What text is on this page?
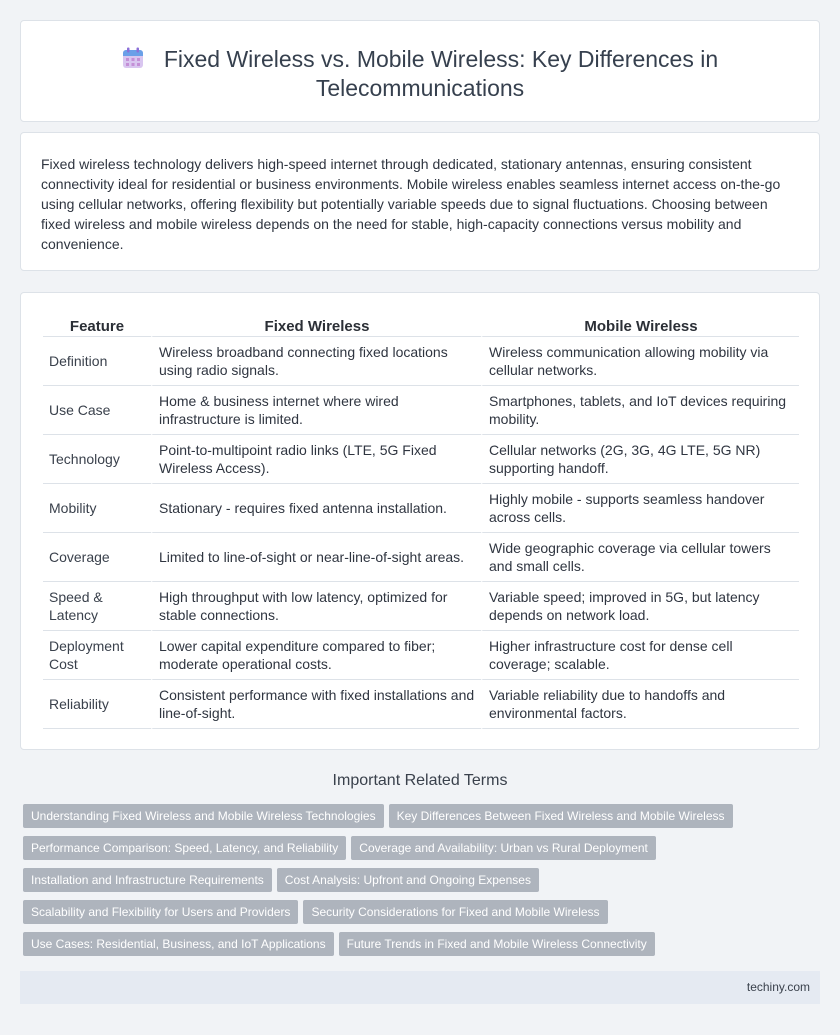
Fixed Wireless vs. Mobile Wireless: Key Differences in Telecommunications

Fixed wireless technology delivers high-speed internet through dedicated, stationary antennas, ensuring consistent connectivity ideal for residential or business environments. Mobile wireless enables seamless internet access on-the-go using cellular networks, offering flexibility but potentially variable speeds due to signal fluctuations. Choosing between fixed wireless and mobile wireless depends on the need for stable, high-capacity connections versus mobility and convenience.

Feature	Fixed Wireless	Mobile Wireless
Definition	Wireless broadband connecting fixed locations using radio signals.	Wireless communication allowing mobility via cellular networks.
Use Case	Home & business internet where wired infrastructure is limited.	Smartphones, tablets, and IoT devices requiring mobility.
Technology	Point-to-multipoint radio links (LTE, 5G Fixed Wireless Access).	Cellular networks (2G, 3G, 4G LTE, 5G NR) supporting handoff.
Mobility	Stationary - requires fixed antenna installation.	Highly mobile - supports seamless handover across cells.
Coverage	Limited to line-of-sight or near-line-of-sight areas.	Wide geographic coverage via cellular towers and small cells.
Speed & Latency	High throughput with low latency, optimized for stable connections.	Variable speed; improved in 5G, but latency depends on network load.
Deployment Cost	Lower capital expenditure compared to fiber; moderate operational costs.	Higher infrastructure cost for dense cell coverage; scalable.
Reliability	Consistent performance with fixed installations and line-of-sight.	Variable reliability due to handoffs and environmental factors.
Important Related Terms
Understanding Fixed Wireless and Mobile Wireless Technologies Key Differences Between Fixed Wireless and Mobile Wireless
Performance Comparison: Speed, Latency, and Reliability Coverage and Availability: Urban vs Rural Deployment
Installation and Infrastructure Requirements Cost Analysis: Upfront and Ongoing Expenses
Scalability and Flexibility for Users and Providers Security Considerations for Fixed and Mobile Wireless
Use Cases: Residential, Business, and IoT Applications Future Trends in Fixed and Mobile Wireless Connectivity
techiny.com
